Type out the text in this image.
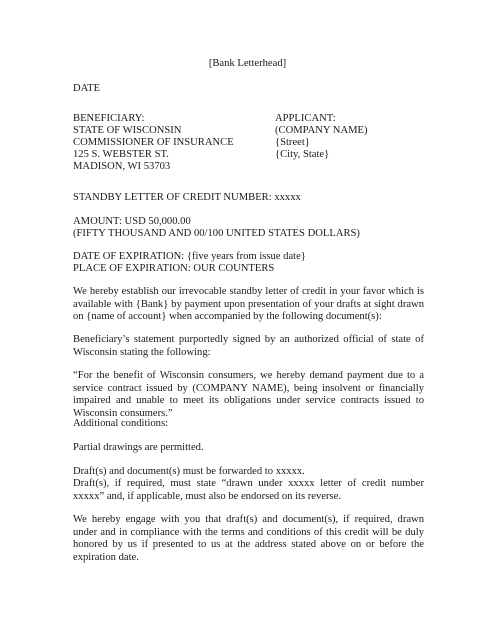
[Bank Letterhead]
DATE
BENEFICIARY:
STATE OF WISCONSIN
COMMISSIONER OF INSURANCE
125 S. WEBSTER ST.
MADISON, WI 53703
APPLICANT:
(COMPANY NAME)
{Street}
{City, State}
STANDBY LETTER OF CREDIT NUMBER: xxxxx
AMOUNT: USD 50,000.00
(FIFTY THOUSAND AND 00/100 UNITED STATES DOLLARS)
DATE OF EXPIRATION: {five years from issue date}
PLACE OF EXPIRATION: OUR COUNTERS
We hereby establish our irrevocable standby letter of credit in your favor which is available with {Bank} by payment upon presentation of your drafts at sight drawn on {name of account} when accompanied by the following document(s):
Beneficiary’s statement purportedly signed by an authorized official of state of Wisconsin stating the following:
“For the benefit of Wisconsin consumers, we hereby demand payment due to a service contract issued by (COMPANY NAME), being insolvent or financially impaired and unable to meet its obligations under service contracts issued to Wisconsin consumers.”
Additional conditions:
Partial drawings are permitted.
Draft(s) and document(s) must be forwarded to xxxxx.
Draft(s), if required, must state “drawn under xxxxx letter of credit number xxxxx” and, if applicable, must also be endorsed on its reverse.
We hereby engage with you that draft(s) and document(s), if required, drawn under and in compliance with the terms and conditions of this credit will be duly honored by us if presented to us at the address stated above on or before the expiration date.
